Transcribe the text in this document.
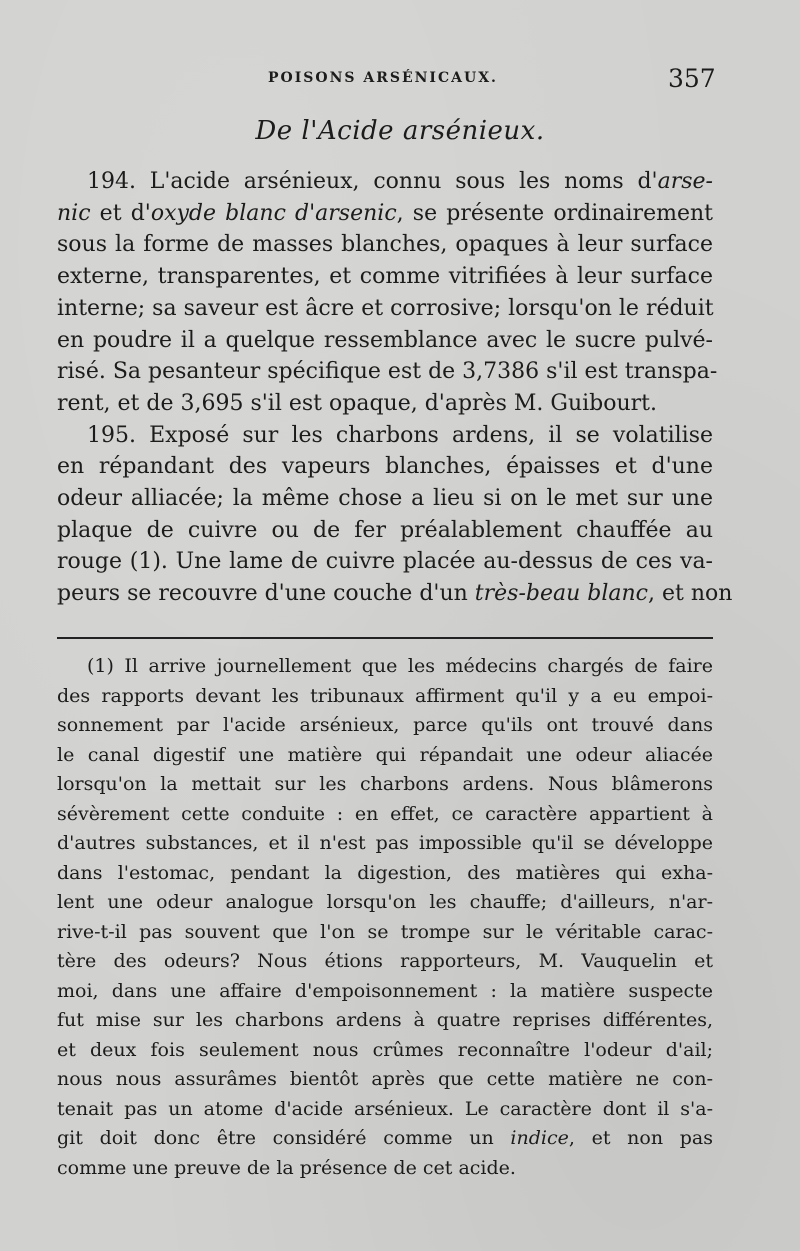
POISONS ARSÉNICAUX.	357
De l'Acide arsénieux.
194. L'acide arsénieux, connu sous les noms d'arse-
nic et d'oxyde blanc d'arsenic, se présente ordinairement
sous la forme de masses blanches, opaques à leur surface
externe, transparentes, et comme vitrifiées à leur surface
interne; sa saveur est âcre et corrosive; lorsqu'on le réduit
en poudre il a quelque ressemblance avec le sucre pulvé-
risé. Sa pesanteur spécifique est de 3,7386 s'il est transpa-
rent, et de 3,695 s'il est opaque, d'après M. Guibourt.
195. Exposé sur les charbons ardens, il se volatilise
en répandant des vapeurs blanches, épaisses et d'une
odeur alliacée; la même chose a lieu si on le met sur une
plaque de cuivre ou de fer préalablement chauffée au
rouge (1). Une lame de cuivre placée au-dessus de ces va-
peurs se recouvre d'une couche d'un très-beau blanc, et non
(1) Il arrive journellement que les médecins chargés de faire
des rapports devant les tribunaux affirment qu'il y a eu empoi-
sonnement par l'acide arsénieux, parce qu'ils ont trouvé dans
le canal digestif une matière qui répandait une odeur aliacée
lorsqu'on la mettait sur les charbons ardens. Nous blâmerons
sévèrement cette conduite : en effet, ce caractère appartient à
d'autres substances, et il n'est pas impossible qu'il se développe
dans l'estomac, pendant la digestion, des matières qui exha-
lent une odeur analogue lorsqu'on les chauffe; d'ailleurs, n'ar-
rive-t-il pas souvent que l'on se trompe sur le véritable carac-
tère des odeurs? Nous étions rapporteurs, M. Vauquelin et
moi, dans une affaire d'empoisonnement : la matière suspecte
fut mise sur les charbons ardens à quatre reprises différentes,
et deux fois seulement nous crûmes reconnaître l'odeur d'ail;
nous nous assurâmes bientôt après que cette matière ne con-
tenait pas un atome d'acide arsénieux. Le caractère dont il s'a-
git doit donc être considéré comme un indice, et non pas
comme une preuve de la présence de cet acide.
